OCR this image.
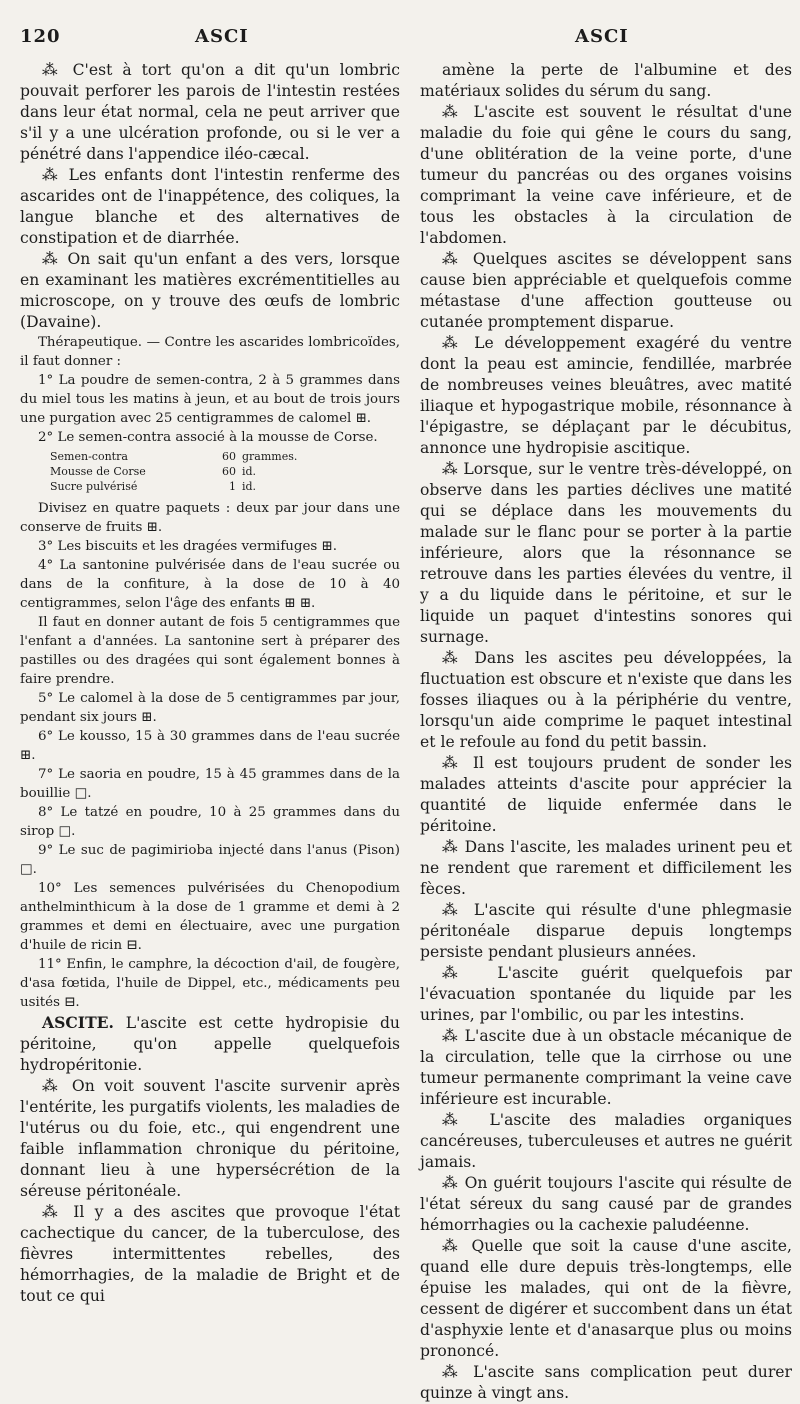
120	ASCI	ASCI

⁂ C'est à tort qu'on a dit qu'un lombric pouvait perforer les parois de l'intestin restées dans leur état normal, cela ne peut arriver que s'il y a une ulcération profonde, ou si le ver a pénétré dans l'appendice iléo-cæcal.

⁂ Les enfants dont l'intestin renferme des ascarides ont de l'inappétence, des coliques, la langue blanche et des alternatives de constipation et de diarrhée.

⁂ On sait qu'un enfant a des vers, lorsque en examinant les matières excrémentitielles au microscope, on y trouve des œufs de lombric (Davaine).

Thérapeutique. — Contre les ascarides lombricoïdes, il faut donner :

1° La poudre de semen-contra, 2 à 5 grammes dans du miel tous les matins à jeun, et au bout de trois jours une purgation avec 25 centigrammes de calomel ⊞.

2° Le semen-contra associé à la mousse de Corse.

Semen-contra	60 grammes.
Mousse de Corse	60 id.
Sucre pulvérisé	1 id.

Divisez en quatre paquets : deux par jour dans une conserve de fruits ⊞.

3° Les biscuits et les dragées vermifuges ⊞.

4° La santonine pulvérisée dans de l'eau sucrée ou dans de la confiture, à la dose de 10 à 40 centigrammes, selon l'âge des enfants ⊞ ⊞.

Il faut en donner autant de fois 5 centigrammes que l'enfant a d'années. La santonine sert à préparer des pastilles ou des dragées qui sont également bonnes à faire prendre.

5° Le calomel à la dose de 5 centigrammes par jour, pendant six jours ⊞.

6° Le kousso, 15 à 30 grammes dans de l'eau sucrée ⊞.

7° Le saoria en poudre, 15 à 45 grammes dans de la bouillie □.

8° Le tatzé en poudre, 10 à 25 grammes dans du sirop □.

9° Le suc de pagimirioba injecté dans l'anus (Pison) □.

10° Les semences pulvérisées du Chenopodium anthelminthicum à la dose de 1 gramme et demi à 2 grammes et demi en électuaire, avec une purgation d'huile de ricin ⊟.

11° Enfin, le camphre, la décoction d'ail, de fougère, d'asa fœtida, l'huile de Dippel, etc., médicaments peu usités ⊟.

ASCITE. L'ascite est cette hydropisie du péritoine, qu'on appelle quelquefois hydropéritonie.

⁂ On voit souvent l'ascite survenir après l'entérite, les purgatifs violents, les maladies de l'utérus ou du foie, etc., qui engendrent une faible inflammation chronique du péritoine, donnant lieu à une hypersécrétion de la séreuse péritonéale.

⁂ Il y a des ascites que provoque l'état cachectique du cancer, de la tuberculose, des fièvres intermittentes rebelles, des hémorrhagies, de la maladie de Bright et de tout ce qui

amène la perte de l'albumine et des matériaux solides du sérum du sang.

⁂ L'ascite est souvent le résultat d'une maladie du foie qui gêne le cours du sang, d'une oblitération de la veine porte, d'une tumeur du pancréas ou des organes voisins comprimant la veine cave inférieure, et de tous les obstacles à la circulation de l'abdomen.

⁂ Quelques ascites se développent sans cause bien appréciable et quelquefois comme métastase d'une affection goutteuse ou cutanée promptement disparue.

⁂ Le développement exagéré du ventre dont la peau est amincie, fendillée, marbrée de nombreuses veines bleuâtres, avec matité iliaque et hypogastrique mobile, résonnance à l'épigastre, se déplaçant par le décubitus, annonce une hydropisie ascitique.

⁂ Lorsque, sur le ventre très-développé, on observe dans les parties déclives une matité qui se déplace dans les mouvements du malade sur le flanc pour se porter à la partie inférieure, alors que la résonnance se retrouve dans les parties élevées du ventre, il y a du liquide dans le péritoine, et sur le liquide un paquet d'intestins sonores qui surnage.

⁂ Dans les ascites peu développées, la fluctuation est obscure et n'existe que dans les fosses iliaques ou à la périphérie du ventre, lorsqu'un aide comprime le paquet intestinal et le refoule au fond du petit bassin.

⁂ Il est toujours prudent de sonder les malades atteints d'ascite pour apprécier la quantité de liquide enfermée dans le péritoine.

⁂ Dans l'ascite, les malades urinent peu et ne rendent que rarement et difficilement les fèces.

⁂ L'ascite qui résulte d'une phlegmasie péritonéale disparue depuis longtemps persiste pendant plusieurs années.

⁂ L'ascite guérit quelquefois par l'évacuation spontanée du liquide par les urines, par l'ombilic, ou par les intestins.

⁂ L'ascite due à un obstacle mécanique de la circulation, telle que la cirrhose ou une tumeur permanente comprimant la veine cave inférieure est incurable.

⁂ L'ascite des maladies organiques cancéreuses, tuberculeuses et autres ne guérit jamais.

⁂ On guérit toujours l'ascite qui résulte de l'état séreux du sang causé par de grandes hémorrhagies ou la cachexie paludéenne.

⁂ Quelle que soit la cause d'une ascite, quand elle dure depuis très-longtemps, elle épuise les malades, qui ont de la fièvre, cessent de digérer et succombent dans un état d'asphyxie lente et d'anasarque plus ou moins prononcé.

⁂ L'ascite sans complication peut durer quinze à vingt ans.
